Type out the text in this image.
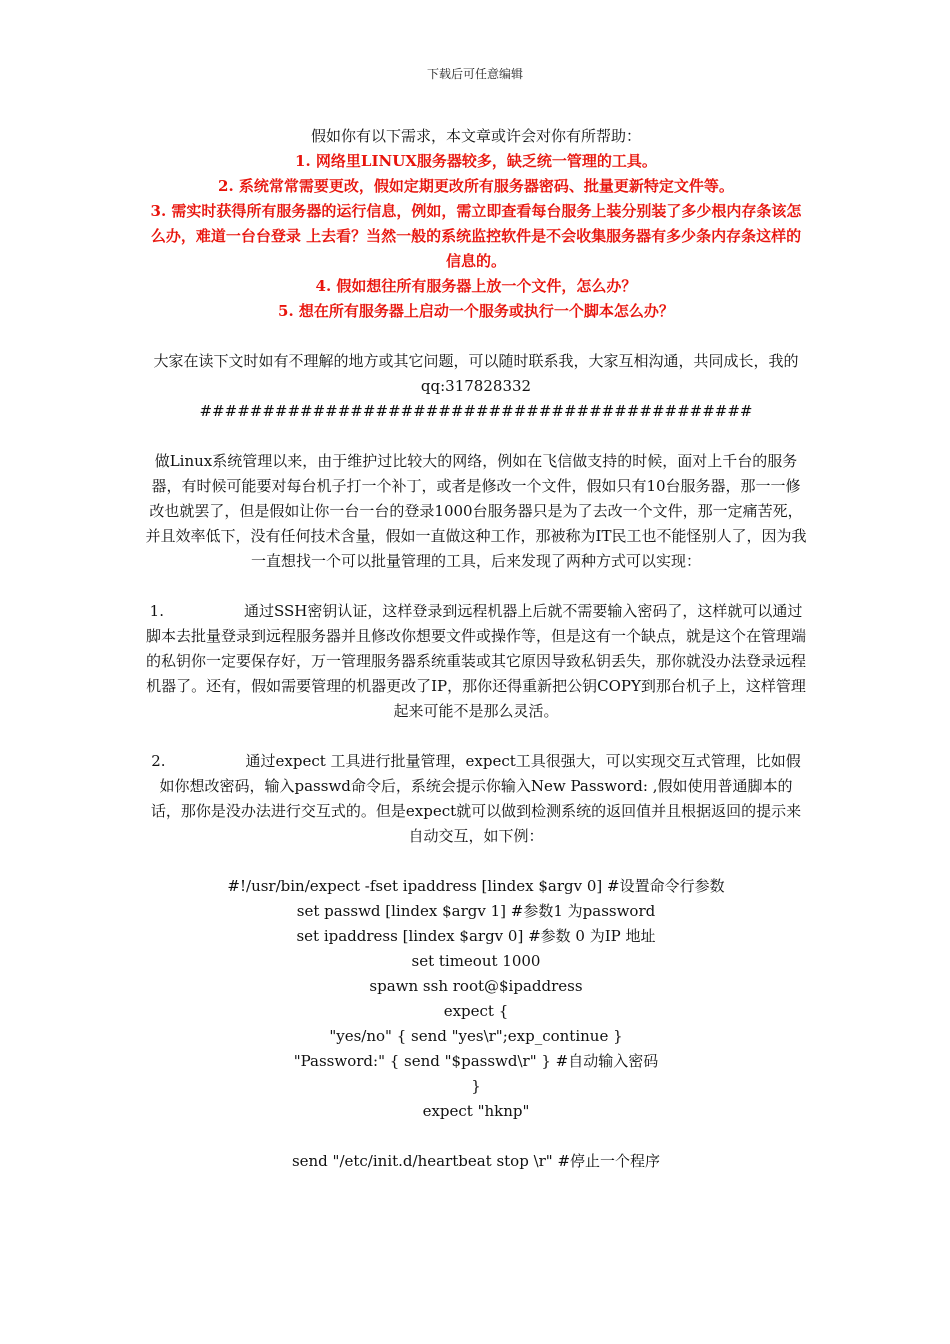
下载后可任意编辑

假如你有以下需求，本文章或许会对你有所帮助：

1. 网络里LINUX服务器较多，缺乏统一管理的工具。

2. 系统常常需要更改，假如定期更改所有服务器密码、批量更新特定文件等。

3. 需实时获得所有服务器的运行信息，例如，需立即查看每台服务上装分别装了多少根内存条该怎么办，难道一台台登录 上去看？当然一般的系统监控软件是不会收集服务器有多少条内存条这样的信息的。

4. 假如想往所有服务器上放一个文件，怎么办？

5. 想在所有服务器上启动一个服务或执行一个脚本怎么办？

大家在读下文时如有不理解的地方或其它问题，可以随时联系我，大家互相沟通，共同成长，我的qq:317828332

############################################

做Linux系统管理以来，由于维护过比较大的网络，例如在飞信做支持的时候，面对上千台的服务器，有时候可能要对每台机子打一个补丁，或者是修改一个文件，假如只有10台服务器，那一一修改也就罢了，但是假如让你一台一台的登录1000台服务器只是为了去改一个文件，那一定痛苦死，并且效率低下，没有任何技术含量，假如一直做这种工作，那被称为IT民工也不能怪别人了，因为我一直想找一个可以批量管理的工具，后来发现了两种方式可以实现：

1.	通过SSH密钥认证，这样登录到远程机器上后就不需要输入密码了，这样就可以通过脚本去批量登录到远程服务器并且修改你想要文件或操作等，但是这有一个缺点，就是这个在管理端的私钥你一定要保存好，万一管理服务器系统重装或其它原因导致私钥丢失，那你就没办法登录远程机器了。还有，假如需要管理的机器更改了IP，那你还得重新把公钥COPY到那台机子上，这样管理起来可能不是那么灵活。

2.	通过expect 工具进行批量管理，expect工具很强大，可以实现交互式管理，比如假如你想改密码，输入passwd命令后，系统会提示你输入New Password: ,假如使用普通脚本的话，那你是没办法进行交互式的。但是expect就可以做到检测系统的返回值并且根据返回的提示来自动交互，如下例：

#!/usr/bin/expect -fset ipaddress [lindex $argv 0] #设置命令行参数

set passwd [lindex $argv 1] #参数1 为password

set ipaddress [lindex $argv 0] #参数 0 为IP 地址

set timeout 1000

spawn ssh root@$ipaddress

expect {

"yes/no" { send "yes\r";exp_continue }

"Password:" { send "$passwd\r" } #自动输入密码

}

expect "hknp"

send "/etc/init.d/heartbeat stop \r" #停止一个程序
